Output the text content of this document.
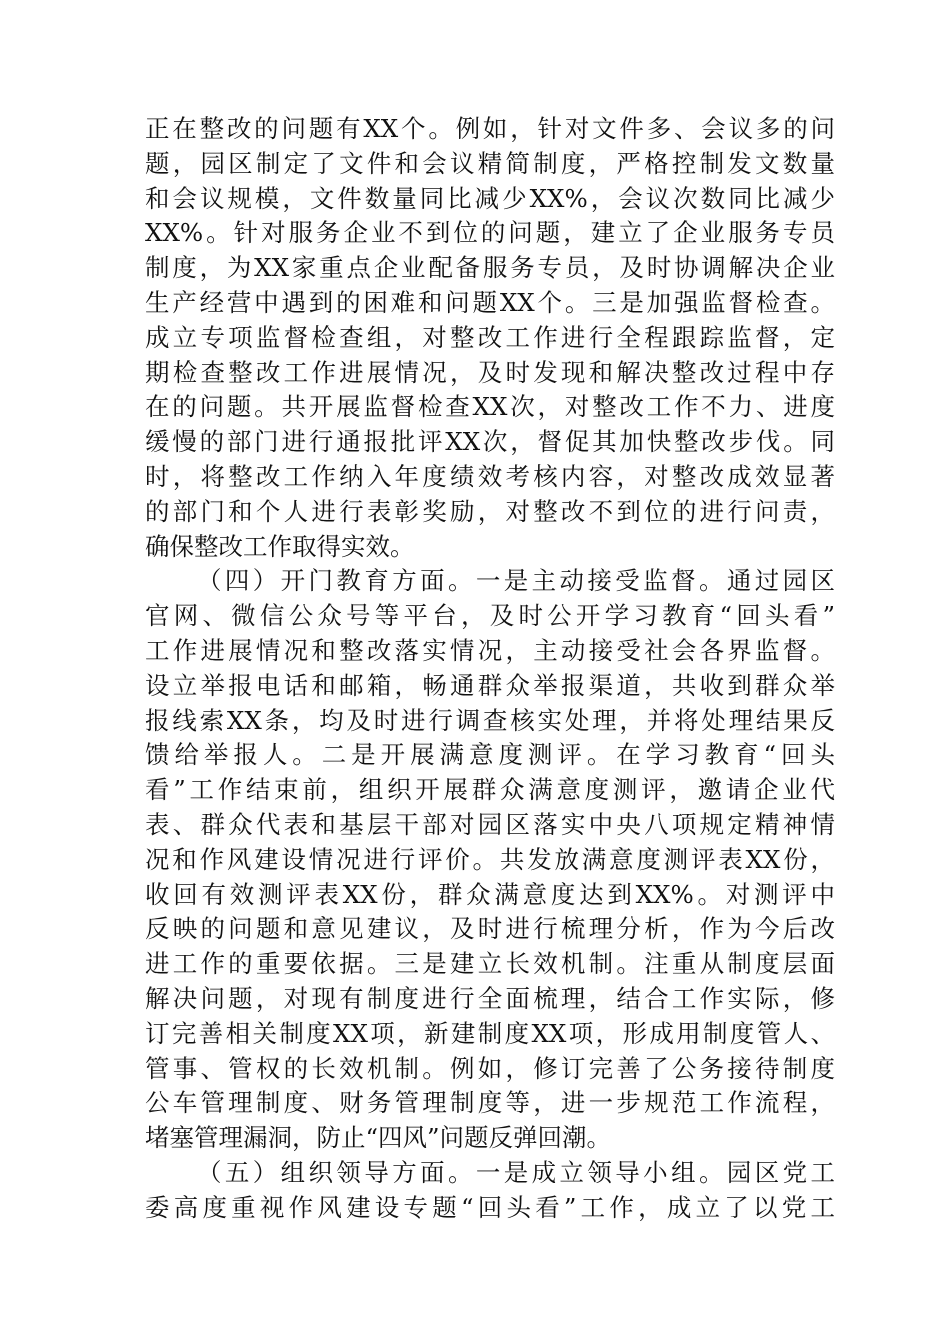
正在整改的问题有XX个。例如，针对文件多、会议多的问
题，园区制定了文件和会议精简制度，严格控制发文数量
和会议规模，文件数量同比减少XX%，会议次数同比减少
XX%。针对服务企业不到位的问题，建立了企业服务专员
制度，为XX家重点企业配备服务专员，及时协调解决企业
生产经营中遇到的困难和问题XX个。三是加强监督检查。
成立专项监督检查组，对整改工作进行全程跟踪监督，定
期检查整改工作进展情况，及时发现和解决整改过程中存
在的问题。共开展监督检查XX次，对整改工作不力、进度
缓慢的部门进行通报批评XX次，督促其加快整改步伐。同
时，将整改工作纳入年度绩效考核内容，对整改成效显著
的部门和个人进行表彰奖励，对整改不到位的进行问责，
确保整改工作取得实效。
（四）开门教育方面。一是主动接受监督。通过园区
官网、微信公众号等平台，及时公开学习教育“回头看”
工作进展情况和整改落实情况，主动接受社会各界监督。
设立举报电话和邮箱，畅通群众举报渠道，共收到群众举
报线索XX条，均及时进行调查核实处理，并将处理结果反
馈给举报人。二是开展满意度测评。在学习教育“回头
看”工作结束前，组织开展群众满意度测评，邀请企业代
表、群众代表和基层干部对园区落实中央八项规定精神情
况和作风建设情况进行评价。共发放满意度测评表XX份，
收回有效测评表XX份，群众满意度达到XX%。对测评中
反映的问题和意见建议，及时进行梳理分析，作为今后改
进工作的重要依据。三是建立长效机制。注重从制度层面
解决问题，对现有制度进行全面梳理，结合工作实际，修
订完善相关制度XX项，新建制度XX项，形成用制度管人、
管事、管权的长效机制。例如，修订完善了公务接待制度
公车管理制度、财务管理制度等，进一步规范工作流程，
堵塞管理漏洞，防止“四风”问题反弹回潮。
（五）组织领导方面。一是成立领导小组。园区党工
委高度重视作风建设专题“回头看”工作，成立了以党工
